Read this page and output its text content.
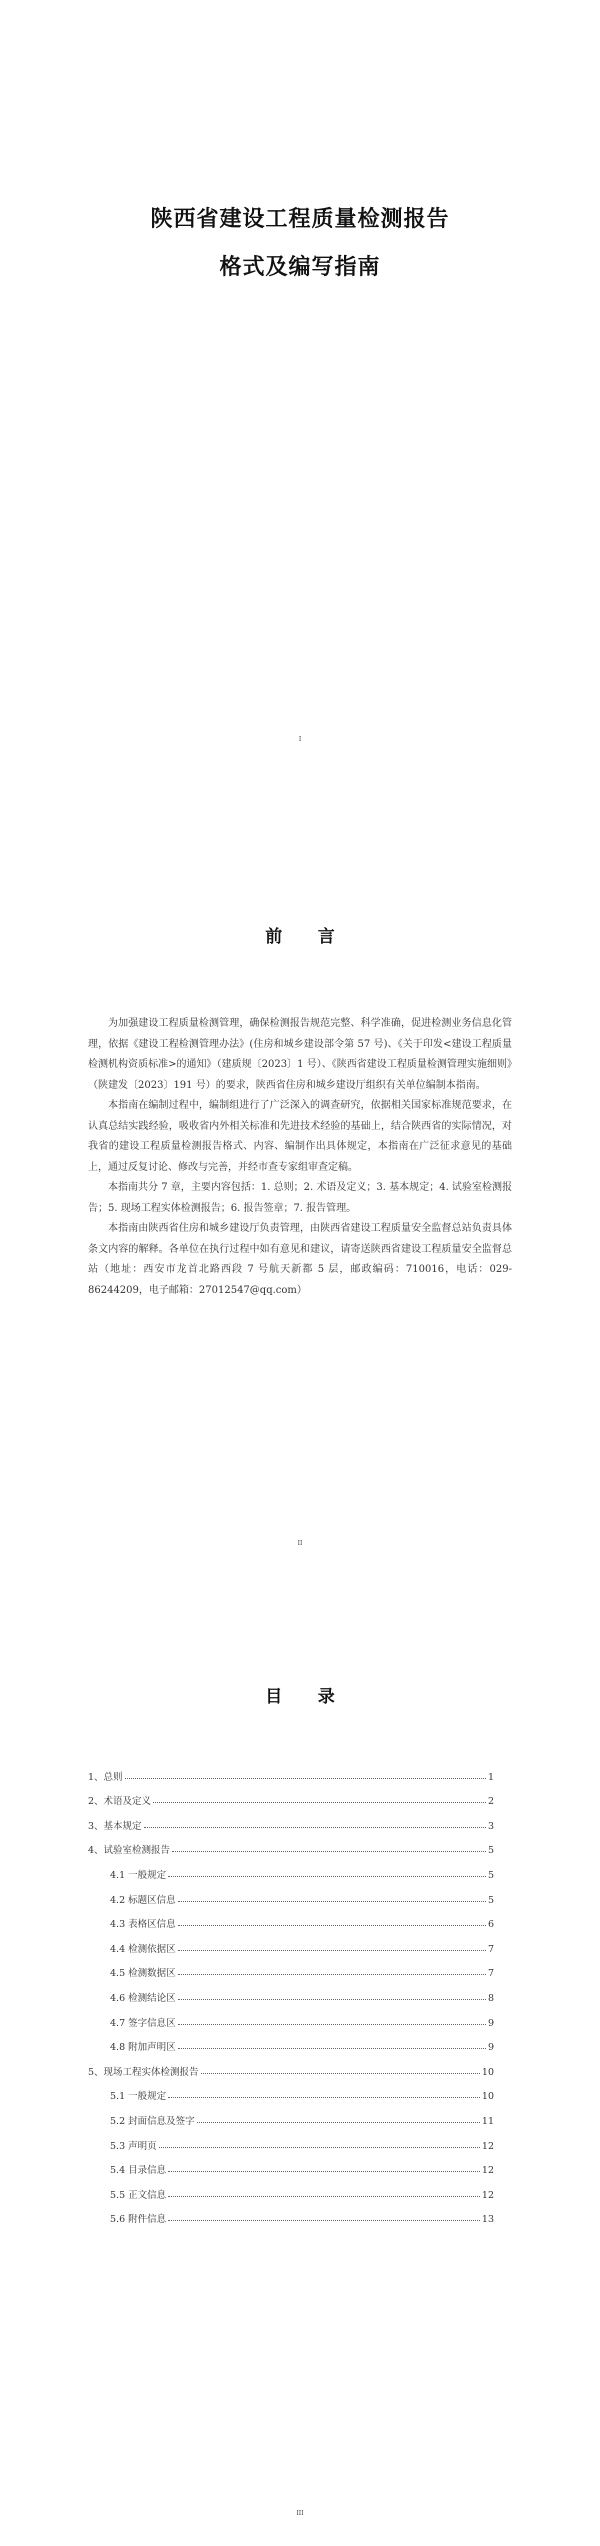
陕西省建设工程质量检测报告
格式及编写指南
I
前      言

为加强建设工程质量检测管理，确保检测报告规范完整、科学准确，促进检测业务信息化管理，依据《建设工程检测管理办法》(住房和城乡建设部令第 57 号)、《关于印发<建设工程质量检测机构资质标准>的通知》（建质规〔2023〕1 号）、《陕西省建设工程质量检测管理实施细则》（陕建发〔2023〕191 号）的要求，陕西省住房和城乡建设厅组织有关单位编制本指南。

本指南在编制过程中，编制组进行了广泛深入的调查研究，依据相关国家标准规范要求，在认真总结实践经验，吸收省内外相关标准和先进技术经验的基础上，结合陕西省的实际情况，对我省的建设工程质量检测报告格式、内容、编制作出具体规定，本指南在广泛征求意见的基础上，通过反复讨论、修改与完善，并经市查专家组审查定稿。

本指南共分 7 章，主要内容包括：1. 总则；2. 术语及定义；3. 基本规定；4. 试验室检测报告；5. 现场工程实体检测报告；6. 报告签章；7. 报告管理。

本指南由陕西省住房和城乡建设厅负责管理，由陕西省建设工程质量安全监督总站负责具体条文内容的解释。各单位在执行过程中如有意见和建议，请寄送陕西省建设工程质量安全监督总站（地址：西安市龙首北路西段 7 号航天新都 5 层，邮政编码：710016，电话：029-86244209，电子邮箱：27012547@qq.com）

II
目      录
1、总则	1
2、术语及定义	2
3、基本规定	3
4、试验室检测报告	5
4.1 一般规定	5
4.2 标题区信息	5
4.3 表格区信息	6
4.4 检测依据区	7
4.5 检测数据区	7
4.6 检测结论区	8
4.7 签字信息区	9
4.8 附加声明区	9
5、现场工程实体检测报告	10
5.1 一般规定	10
5.2 封面信息及签字	11
5.3 声明页	12
5.4 目录信息	12
5.5 正文信息	12
5.6 附件信息	13
III
